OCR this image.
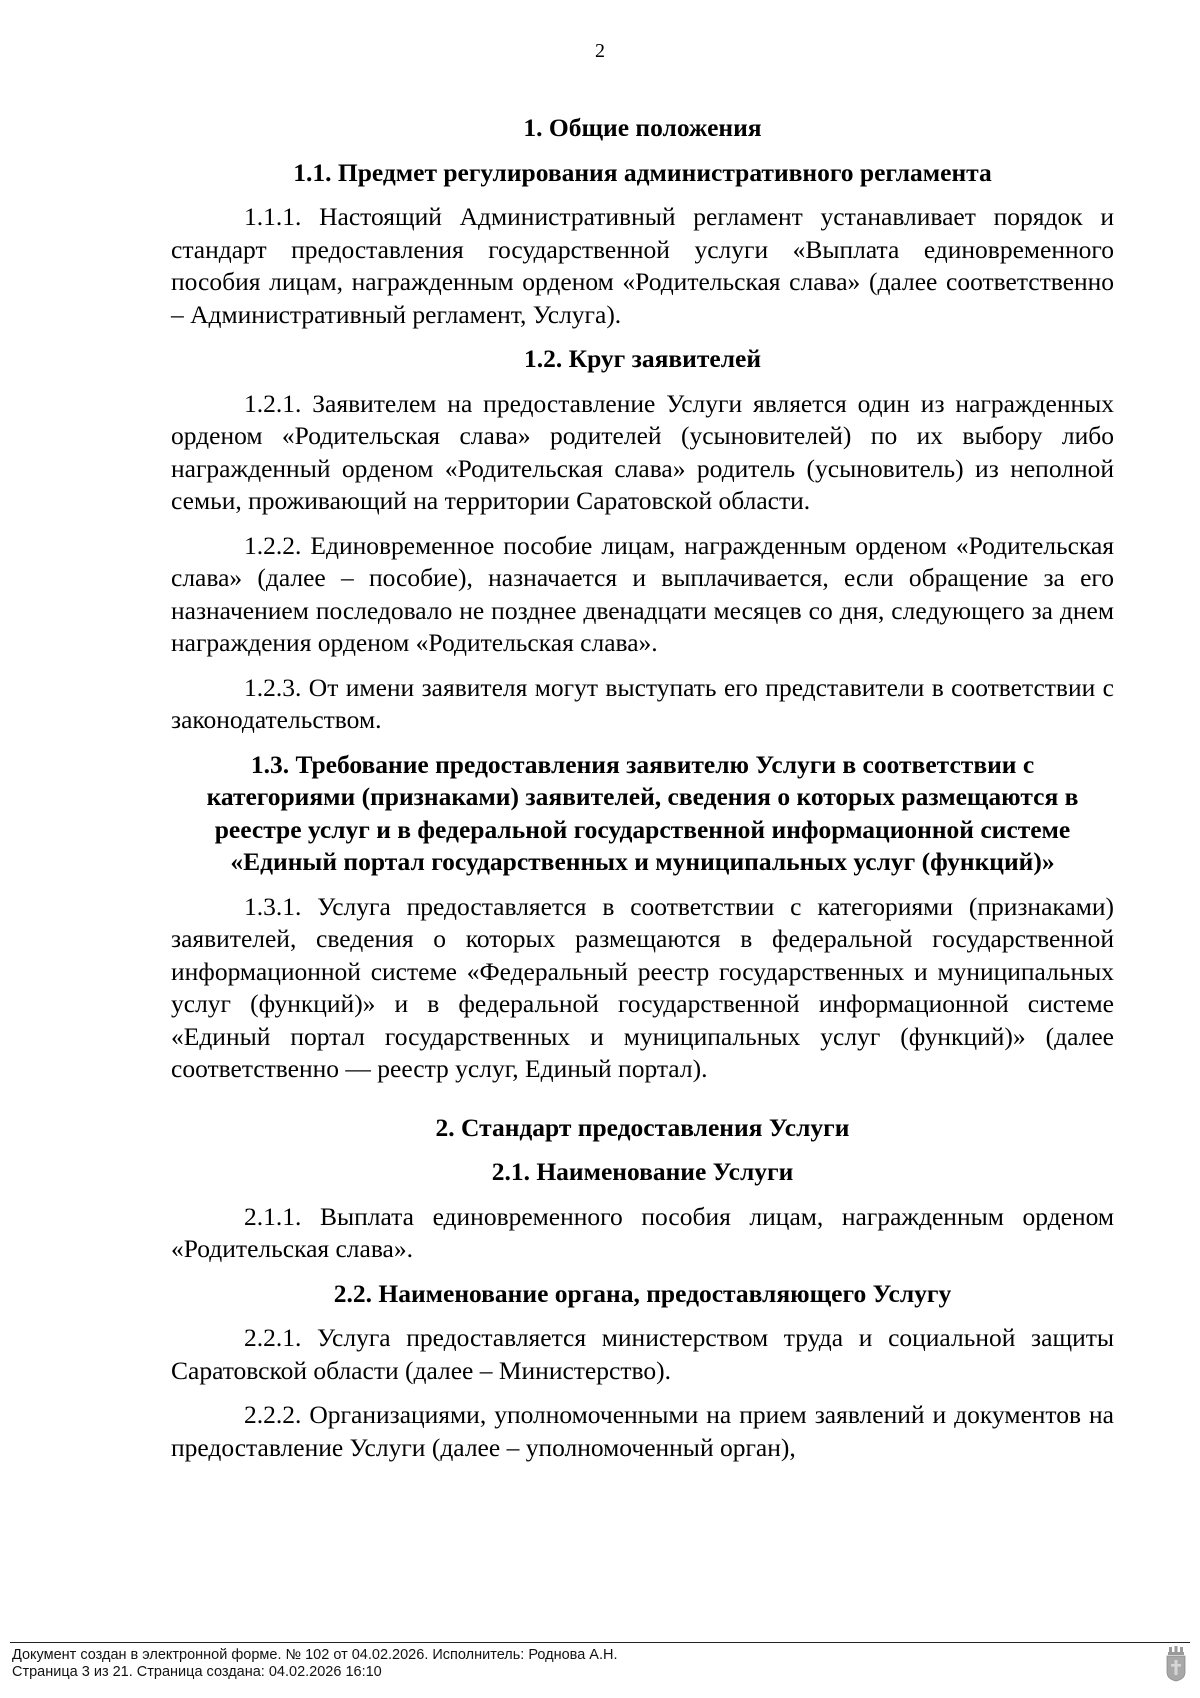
2
1. Общие положения
1.1. Предмет регулирования административного регламента
1.1.1. Настоящий Административный регламент устанавливает порядок и стандарт предоставления государственной услуги «Выплата единовременного пособия лицам, награжденным орденом «Родительская слава» (далее соответственно – Административный регламент, Услуга).
1.2. Круг заявителей
1.2.1. Заявителем на предоставление Услуги является один из награжденных орденом «Родительская слава» родителей (усыновителей) по их выбору либо награжденный орденом «Родительская слава» родитель (усыновитель) из неполной семьи, проживающий на территории Саратовской области.
1.2.2. Единовременное пособие лицам, награжденным орденом «Родительская слава» (далее – пособие), назначается и выплачивается, если обращение за его назначением последовало не позднее двенадцати месяцев со дня, следующего за днем награждения орденом «Родительская слава».
1.2.3. От имени заявителя могут выступать его представители в соответствии с законодательством.
1.3. Требование предоставления заявителю Услуги в соответствии с категориями (признаками) заявителей, сведения о которых размещаются в реестре услуг и в федеральной государственной информационной системе «Единый портал государственных и муниципальных услуг (функций)»
1.3.1. Услуга предоставляется в соответствии с категориями (признаками) заявителей, сведения о которых размещаются в федеральной государственной информационной системе «Федеральный реестр государственных и муниципальных услуг (функций)» и в федеральной государственной информационной системе «Единый портал государственных и муниципальных услуг (функций)» (далее соответственно — реестр услуг, Единый портал).
2. Стандарт предоставления Услуги
2.1. Наименование Услуги
2.1.1. Выплата единовременного пособия лицам, награжденным орденом «Родительская слава».
2.2. Наименование органа, предоставляющего Услугу
2.2.1. Услуга предоставляется министерством труда и социальной защиты Саратовской области (далее – Министерство).
2.2.2. Организациями, уполномоченными на прием заявлений и документов на предоставление Услуги (далее – уполномоченный орган),
Документ создан в электронной форме. № 102 от 04.02.2026. Исполнитель: Роднова А.Н.
Страница 3 из 21. Страница создана: 04.02.2026 16:10
